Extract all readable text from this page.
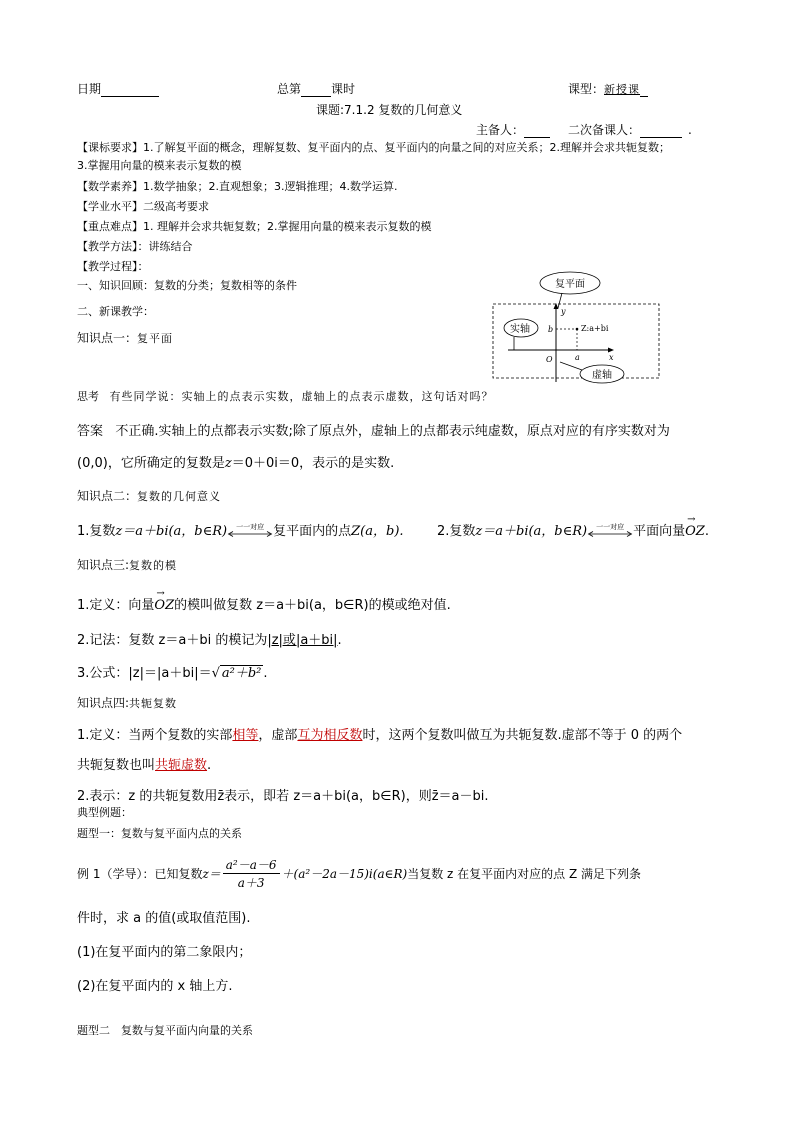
日期	总第	课时	课型：新授课
课题:7.1.2 复数的几何意义
主备人：	二次备课人：	.
【课标要求】1.了解复平面的概念，理解复数、复平面内的点、复平面内的向量之间的对应关系；2.理解并会求共轭复数；
3.掌握用向量的模来表示复数的模
【数学素养】1.数学抽象；2.直观想象；3.逻辑推理；4.数学运算.
【学业水平】二级高考要求
【重点难点】1. 理解并会求共轭复数；2.掌握用向量的模来表示复数的模
【教学方法】：讲练结合
【教学过程】：
一、知识回顾：复数的分类；复数相等的条件
二、新课教学：
知识点一：复平面
y
x
O
b
a
Z:a+bi
复平面
实轴
虚轴
思考 有些同学说：实轴上的点表示实数，虚轴上的点表示虚数，这句话对吗？
答案 不正确.实轴上的点都表示实数;除了原点外，虚轴上的点都表示纯虚数，原点对应的有序实数对为
(0,0)，它所确定的复数是z＝0＋0i＝0，表示的是实数.
知识点二：复数的几何意义
1.复数z＝a＋bi(a，b∈R)	一一对应 复平面内的点Z(a，b).	2.复数z＝a＋bi(a，b∈R)	一一对应 平面向量→ OZ.
知识点三:复数的模
1.定义：向量→ OZ的模叫做复数 z＝a＋bi(a，b∈R)的模或绝对值.
2.记法：复数 z＝a＋bi 的模记为|z|或|a＋bi|.
3.公式：|z|＝|a＋bi|＝√ a²＋b² .
知识点四:共轭复数
1.定义：当两个复数的实部相等，虚部互为相反数时，这两个复数叫做互为共轭复数.虚部不等于 0 的两个
共轭复数也叫共轭虚数.
2.表示：z 的共轭复数用z̄表示，即若 z＝a＋bi(a，b∈R)，则z̄＝a－bi.
典型例题：
题型一：复数与复平面内点的关系
例 1（学导）：已知复数 z＝
a²－a－6
a＋3
＋(a²－2a－15)i(a∈R) 当复数 z 在复平面内对应的点 Z 满足下列条
件时，求 a 的值(或取值范围).
(1)在复平面内的第二象限内；
(2)在复平面内的 x 轴上方.
题型二　复数与复平面内向量的关系
